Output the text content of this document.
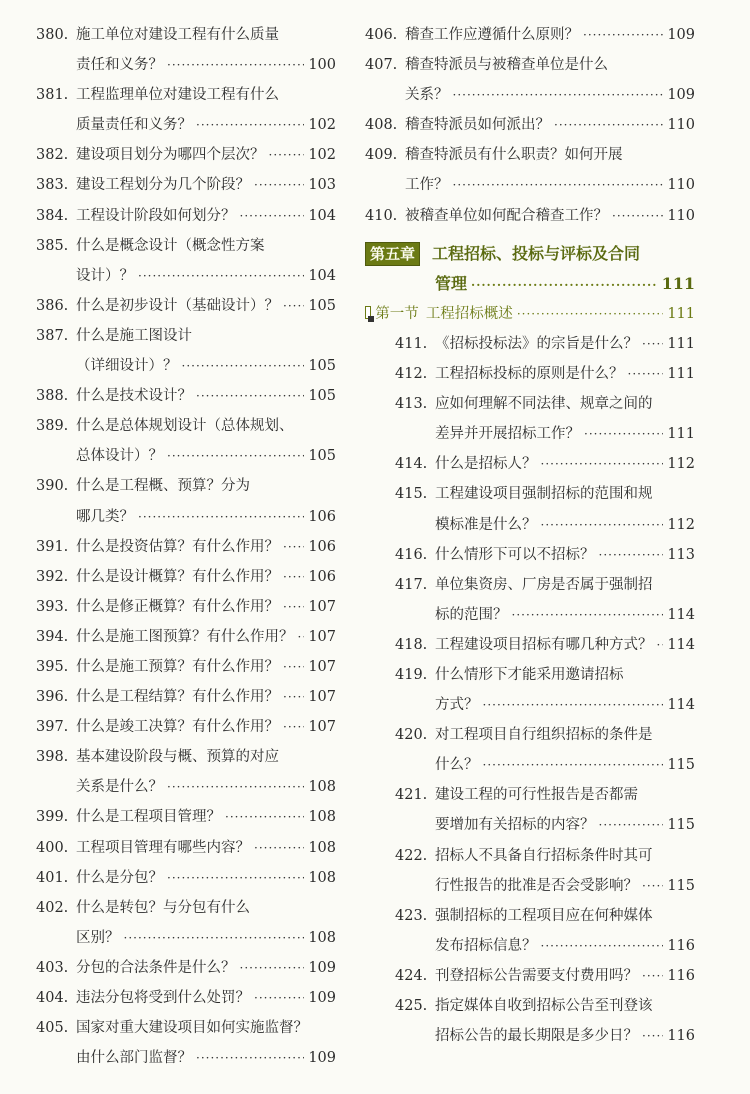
380. 施工单位对建设工程有什么质量
责任和义务？ ·····	100
381. 工程监理单位对建设工程有什么
质量责任和义务？ ·····	102
382. 建设项目划分为哪四个层次？ ·····	102
383. 建设工程划分为几个阶段？ ·····	103
384. 工程设计阶段如何划分？ ·····	104
385. 什么是概念设计（概念性方案
设计）？ ·····	104
386. 什么是初步设计（基础设计）？ ····· 105
387. 什么是施工图设计
（详细设计）？ ·····	105
388. 什么是技术设计？ ·····	105
389. 什么是总体规划设计（总体规划、
总体设计）？ ·····	105
390. 什么是工程概、预算？分为
哪几类？ ·····	106
391. 什么是投资估算？有什么作用？ ····· 106
392. 什么是设计概算？有什么作用？ ····· 106
393. 什么是修正概算？有什么作用？ ····· 107
394. 什么是施工图预算？有什么作用？ ····· 107
395. 什么是施工预算？有什么作用？ ····· 107
396. 什么是工程结算？有什么作用？ ····· 107
397. 什么是竣工决算？有什么作用？ ····· 107
398. 基本建设阶段与概、预算的对应
关系是什么？ ·····	108
399. 什么是工程项目管理？ ·····	108
400. 工程项目管理有哪些内容？ ·····	108
401. 什么是分包？ ·····	108
402. 什么是转包？与分包有什么
区别？ ·····	108
403. 分包的合法条件是什么？ ·····	109
404. 违法分包将受到什么处罚？ ·····	109
405. 国家对重大建设项目如何实施监督？
由什么部门监督？ ·····	109
406. 稽查工作应遵循什么原则？ ·····	109
407. 稽查特派员与被稽查单位是什么
关系？ ·····	109
408. 稽查特派员如何派出？ ·····	110
409. 稽查特派员有什么职责？如何开展
工作？ ·····	110
410. 被稽查单位如何配合稽查工作？ ·····	110
第五章	工程招标、投标与评标及合同
管理 ·····	111
第一节 工程招标概述 ·····	111
411. 《招标投标法》的宗旨是什么？ ····· 111
412. 工程招标投标的原则是什么？ ·····	111
413. 应如何理解不同法律、规章之间的
差异并开展招标工作？ ·····	111
414. 什么是招标人？ ·····	112
415. 工程建设项目强制招标的范围和规
模标准是什么？ ·····	112
416. 什么情形下可以不招标？ ·····	113
417. 单位集资房、厂房是否属于强制招
标的范围？ ·····	114
418. 工程建设项目招标有哪几种方式？ ····· 114
419. 什么情形下才能采用邀请招标
方式？ ·····	114
420. 对工程项目自行组织招标的条件是
什么？ ·····	115
421. 建设工程的可行性报告是否都需
要增加有关招标的内容？ ·····	115
422. 招标人不具备自行招标条件时其可
行性报告的批准是否会受影响？ ····· 115
423. 强制招标的工程项目应在何种媒体
发布招标信息？ ·····	116
424. 刊登招标公告需要支付费用吗？ ····· 116
425. 指定媒体自收到招标公告至刊登该
招标公告的最长期限是多少日？ ····· 116
